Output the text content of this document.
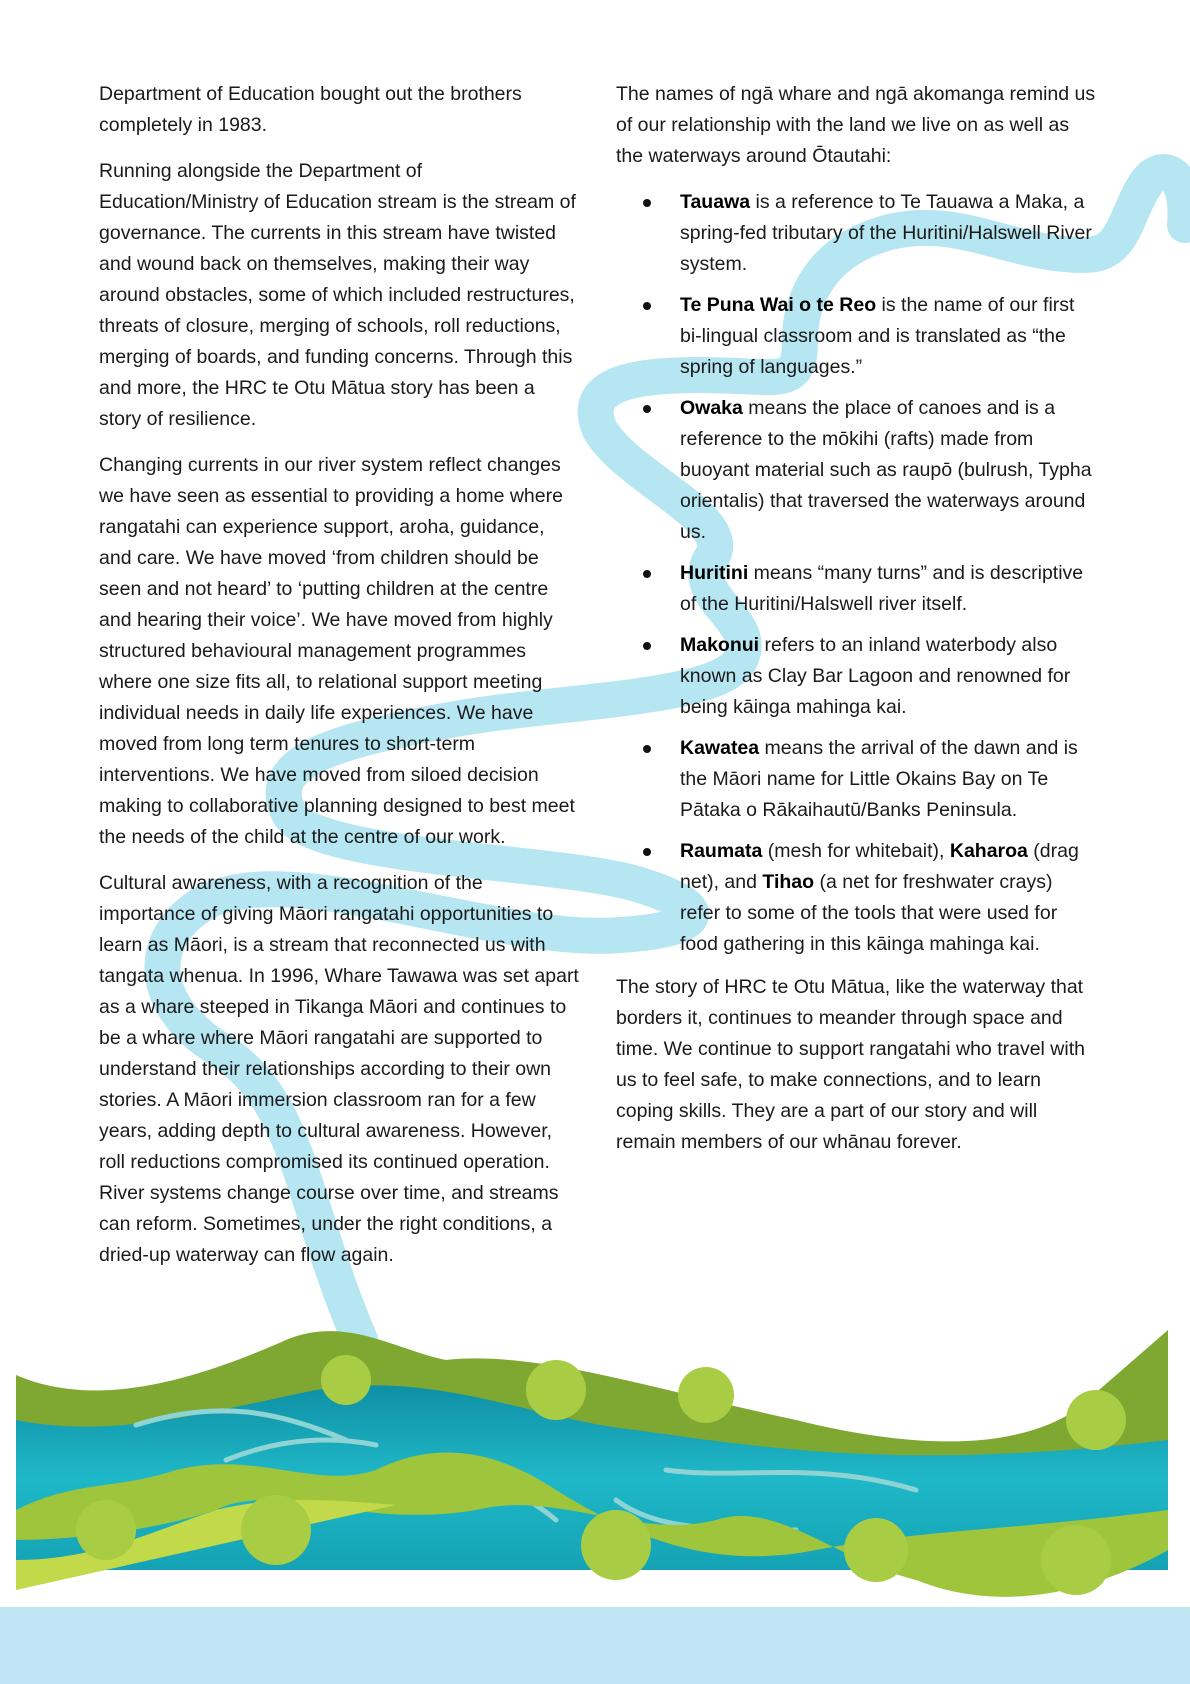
Department of Education bought out the brothers completely in 1983.

Running alongside the Department of Education/Ministry of Education stream is the stream of governance. The currents in this stream have twisted and wound back on themselves, making their way around obstacles, some of which included restructures, threats of closure, merging of schools, roll reductions, merging of boards, and funding concerns. Through this and more, the HRC te Otu Mātua story has been a story of resilience.

Changing currents in our river system reflect changes we have seen as essential to providing a home where rangatahi can experience support, aroha, guidance, and care. We have moved ‘from children should be seen and not heard’ to ‘putting children at the centre and hearing their voice’. We have moved from highly structured behavioural management programmes where one size fits all, to relational support meeting individual needs in daily life experiences. We have moved from long term tenures to short-term interventions. We have moved from siloed decision making to collaborative planning designed to best meet the needs of the child at the centre of our work.

Cultural awareness, with a recognition of the importance of giving Māori rangatahi opportunities to learn as Māori, is a stream that reconnected us with tangata whenua. In 1996, Whare Tawawa was set apart as a whare steeped in Tikanga Māori and continues to be a whare where Māori rangatahi are supported to understand their relationships according to their own stories. A Māori immersion classroom ran for a few years, adding depth to cultural awareness. However, roll reductions compromised its continued operation. River systems change course over time, and streams can reform. Sometimes, under the right conditions, a dried-up waterway can flow again.

The names of ngā whare and ngā akomanga remind us of our relationship with the land we live on as well as the waterways around Ōtautahi:

Tauawa is a reference to Te Tauawa a Maka, a spring-fed tributary of the Huritini/Halswell River system.
Te Puna Wai o te Reo is the name of our first bi-lingual classroom and is translated as “the spring of languages.”
Owaka means the place of canoes and is a reference to the mōkihi (rafts) made from buoyant material such as raupō (bulrush, Typha orientalis) that traversed the waterways around us.
Huritini means “many turns” and is descriptive of the Huritini/Halswell river itself.
Makonui refers to an inland waterbody also known as Clay Bar Lagoon and renowned for being kāinga mahinga kai.
Kawatea means the arrival of the dawn and is the Māori name for Little Okains Bay on Te Pātaka o Rākaihautū/Banks Peninsula.
Raumata (mesh for whitebait), Kaharoa (drag net), and Tihao (a net for freshwater crays) refer to some of the tools that were used for food gathering in this kāinga mahinga kai.

The story of HRC te Otu Mātua, like the waterway that borders it, continues to meander through space and time. We continue to support rangatahi who travel with us to feel safe, to make connections, and to learn coping skills. They are a part of our story and will remain members of our whānau forever.
